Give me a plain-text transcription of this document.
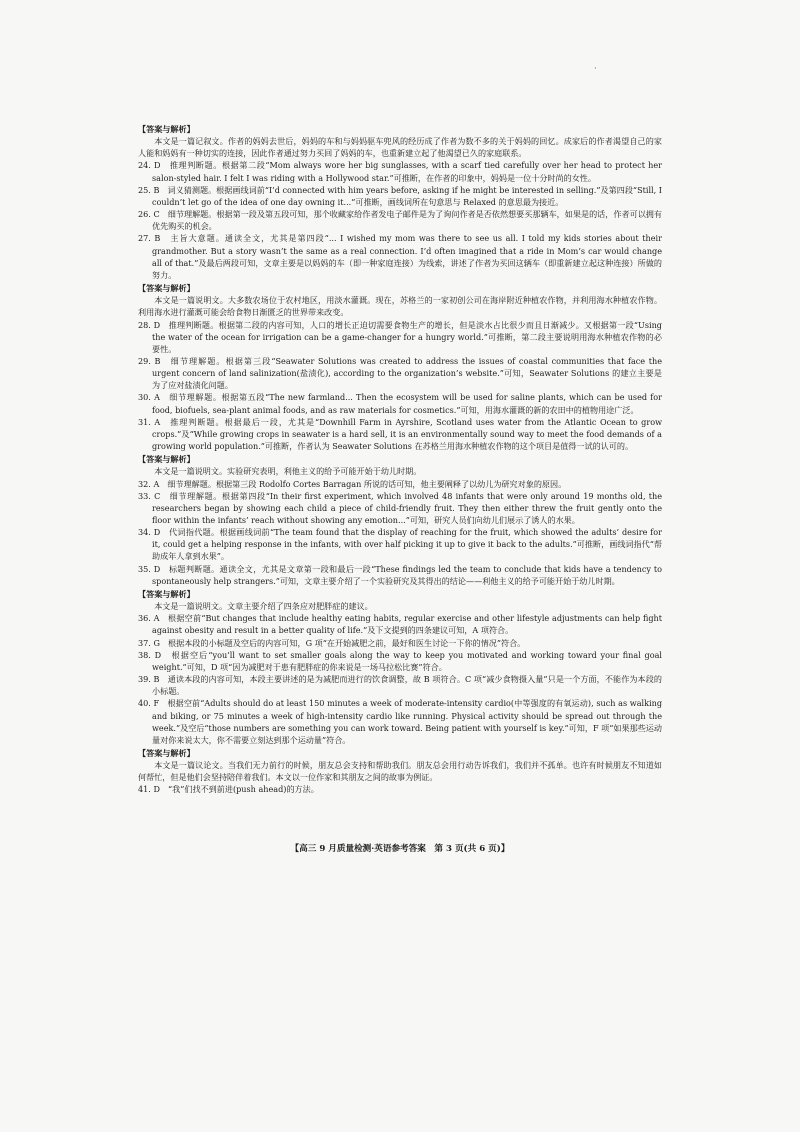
·

【答案与解析】

本文是一篇记叙文。作者的妈妈去世后，妈妈的车和与妈妈驱车兜风的经历成了作者为数不多的关于妈妈的回忆。成家后的作者渴望自己的家人能和妈妈有一种切实的连接，因此作者通过努力买回了妈妈的车，也重新建立起了他渴望已久的家庭联系。

24. D　推理判断题。根据第二段“Mom always wore her big sunglasses, with a scarf tied carefully over her head to protect her salon-styled hair. I felt I was riding with a Hollywood star.”可推断，在作者的印象中，妈妈是一位十分时尚的女性。

25. B　词义猜测题。根据画线词前“I’d connected with him years before, asking if he might be interested in selling.”及第四段“Still, I couldn’t let go of the idea of one day owning it...”可推断，画线词所在句意思与 Relaxed 的意思最为接近。

26. C　细节理解题。根据第一段及第五段可知，那个收藏家给作者发电子邮件是为了询问作者是否依然想要买那辆车，如果是的话，作者可以拥有优先购买的机会。

27. B　主旨大意题。通读全文，尤其是第四段“... I wished my mom was there to see us all. I told my kids stories about their grandmother. But a story wasn’t the same as a real connection. I’d often imagined that a ride in Mom’s car would change all of that.”及最后两段可知，文章主要是以妈妈的车（即一种家庭连接）为线索，讲述了作者为买回这辆车（即重新建立起这种连接）所做的努力。

【答案与解析】

本文是一篇说明文。大多数农场位于农村地区，用淡水灌溉。现在，苏格兰的一家初创公司在海岸附近种植农作物，并利用海水种植农作物。利用海水进行灌溉可能会给食物日渐匮乏的世界带来改变。

28. D　推理判断题。根据第二段的内容可知，人口的增长正迫切需要食物生产的增长，但是淡水占比很少而且日渐减少。又根据第一段“Using the water of the ocean for irrigation can be a game-changer for a hungry world.”可推断，第二段主要说明用海水种植农作物的必要性。

29. B　细节理解题。根据第三段“Seawater Solutions was created to address the issues of coastal communities that face the urgent concern of land salinization(盐渍化), according to the organization’s website.”可知，Seawater Solutions 的建立主要是为了应对盐渍化问题。

30. A　细节理解题。根据第五段“The new farmland... Then the ecosystem will be used for saline plants, which can be used for food, biofuels, sea-plant animal foods, and as raw materials for cosmetics.”可知，用海水灌溉的新的农田中的植物用途广泛。

31. A　推理判断题。根据最后一段，尤其是“Downhill Farm in Ayrshire, Scotland uses water from the Atlantic Ocean to grow crops.”及“While growing crops in seawater is a hard sell, it is an environmentally sound way to meet the food demands of a growing world population.”可推断，作者认为 Seawater Solutions 在苏格兰用海水种植农作物的这个项目是值得一试的认可的。

【答案与解析】

本文是一篇说明文。实验研究表明，利他主义的给予可能开始于幼儿时期。

32. A　细节理解题。根据第三段 Rodolfo Cortes Barragan 所说的话可知，他主要阐释了以幼儿为研究对象的原因。

33. C　细节理解题。根据第四段“In their first experiment, which involved 48 infants that were only around 19 months old, the researchers began by showing each child a piece of child-friendly fruit. They then either threw the fruit gently onto the floor within the infants’ reach without showing any emotion...”可知，研究人员们向幼儿们展示了诱人的水果。

34. D　代词指代题。根据画线词前“The team found that the display of reaching for the fruit, which showed the adults’ desire for it, could get a helping response in the infants, with over half picking it up to give it back to the adults.”可推断，画线词指代“帮助成年人拿到水果”。

35. D　标题判断题。通读全文，尤其是文章第一段和最后一段“These findings led the team to conclude that kids have a tendency to spontaneously help strangers.”可知，文章主要介绍了一个实验研究及其得出的结论——利他主义的给予可能开始于幼儿时期。

【答案与解析】

本文是一篇说明文。文章主要介绍了四条应对肥胖症的建议。

36. A　根据空前“But changes that include healthy eating habits, regular exercise and other lifestyle adjustments can help fight against obesity and result in a better quality of life.”及下文提到的四条建议可知，A 项符合。

37. G　根据本段的小标题及空后的内容可知，G 项“在开始减肥之前，最好和医生讨论一下你的情况”符合。

38. D　根据空后“you’ll want to set smaller goals along the way to keep you motivated and working toward your final goal weight.”可知，D 项“因为减肥对于患有肥胖症的你来说是一场马拉松比赛”符合。

39. B　通读本段的内容可知，本段主要讲述的是为减肥而进行的饮食调整，故 B 项符合。C 项“减少食物摄入量”只是一个方面，不能作为本段的小标题。

40. F　根据空前“Adults should do at least 150 minutes a week of moderate-intensity cardio(中等强度的有氧运动), such as walking and biking, or 75 minutes a week of high-intensity cardio like running. Physical activity should be spread out through the week.”及空后“those numbers are something you can work toward. Being patient with yourself is key.”可知，F 项“如果那些运动量对你来说太大，你不需要立刻达到那个运动量”符合。

【答案与解析】

本文是一篇议论文。当我们无力前行的时候，朋友总会支持和帮助我们。朋友总会用行动告诉我们，我们并不孤单。也许有时候朋友不知道如何帮忙，但是他们会坚持陪伴着我们。本文以一位作家和其朋友之间的故事为例证。

41. D　“我”们找不到前进(push ahead)的方法。

【高三 9 月质量检测·英语参考答案　第 3 页(共 6 页)】
